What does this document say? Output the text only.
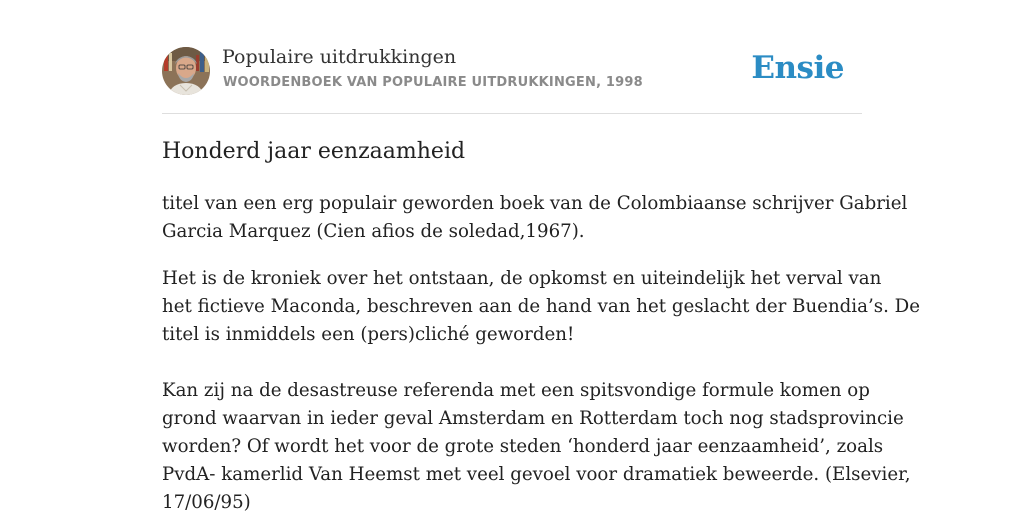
Populaire uitdrukkingen
WOORDENBOEK VAN POPULAIRE UITDRUKKINGEN, 1998	Ensie
Honderd jaar eenzaamheid

titel van een erg populair geworden boek van de Colombiaanse schrijver Gabriel
Garcia Marquez (Cien afios de soledad,1967).

Het is de kroniek over het ontstaan, de opkomst en uiteindelijk het verval van
het fictieve Maconda, beschreven aan de hand van het geslacht der Buendia’s. De
titel is inmiddels een (pers)cliché geworden!

Kan zij na de desastreuse referenda met een spitsvondige formule komen op
grond waarvan in ieder geval Amsterdam en Rotterdam toch nog stadsprovincie
worden? Of wordt het voor de grote steden ‘honderd jaar eenzaamheid’, zoals
PvdA- kamerlid Van Heemst met veel gevoel voor dramatiek beweerde. (Elsevier,
17/06/95)
